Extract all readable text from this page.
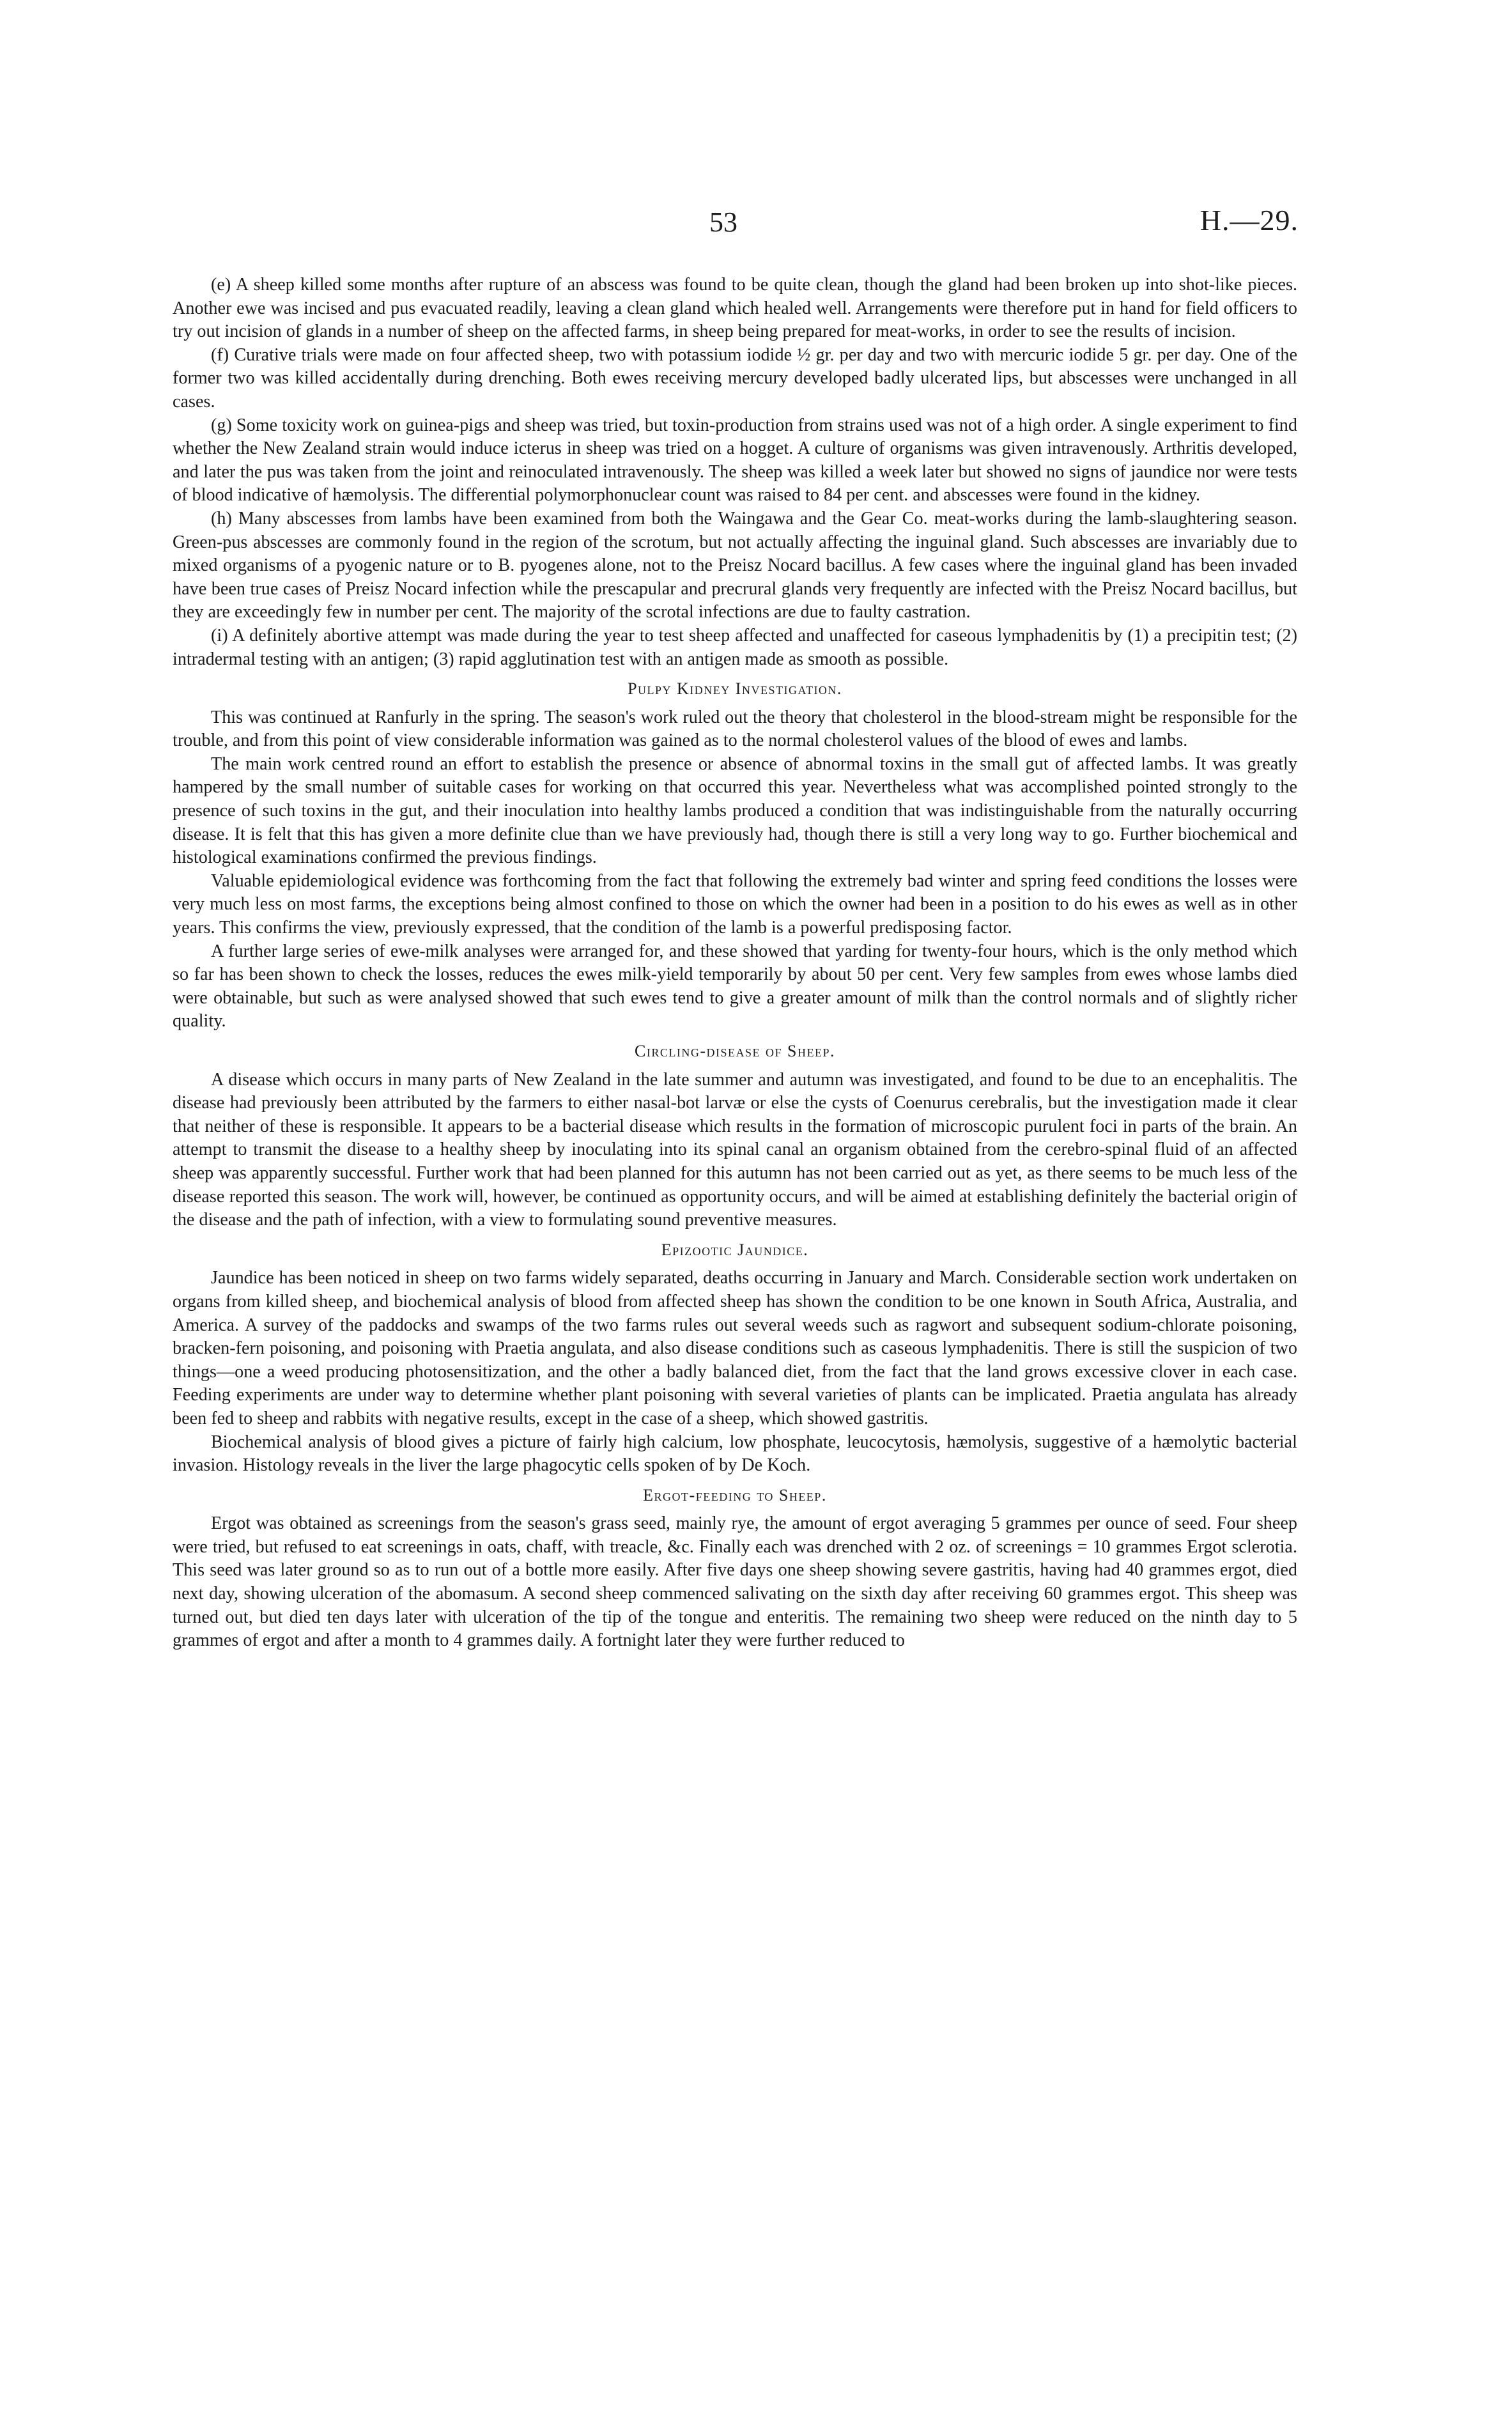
53	H.—29.

(e) A sheep killed some months after rupture of an abscess was found to be quite clean, though the gland had been broken up into shot-like pieces. Another ewe was incised and pus evacuated readily, leaving a clean gland which healed well. Arrangements were therefore put in hand for field officers to try out incision of glands in a number of sheep on the affected farms, in sheep being prepared for meat-works, in order to see the results of incision.

(f) Curative trials were made on four affected sheep, two with potassium iodide ½ gr. per day and two with mercuric iodide 5 gr. per day. One of the former two was killed accidentally during drenching. Both ewes receiving mercury developed badly ulcerated lips, but abscesses were unchanged in all cases.

(g) Some toxicity work on guinea-pigs and sheep was tried, but toxin-production from strains used was not of a high order. A single experiment to find whether the New Zealand strain would induce icterus in sheep was tried on a hogget. A culture of organisms was given intravenously. Arthritis developed, and later the pus was taken from the joint and reinoculated intravenously. The sheep was killed a week later but showed no signs of jaundice nor were tests of blood indicative of hæmolysis. The differential polymorphonuclear count was raised to 84 per cent. and abscesses were found in the kidney.

(h) Many abscesses from lambs have been examined from both the Waingawa and the Gear Co. meat-works during the lamb-slaughtering season. Green-pus abscesses are commonly found in the region of the scrotum, but not actually affecting the inguinal gland. Such abscesses are invariably due to mixed organisms of a pyogenic nature or to B. pyogenes alone, not to the Preisz Nocard bacillus. A few cases where the inguinal gland has been invaded have been true cases of Preisz Nocard infection while the prescapular and precrural glands very frequently are infected with the Preisz Nocard bacillus, but they are exceedingly few in number per cent. The majority of the scrotal infections are due to faulty castration.

(i) A definitely abortive attempt was made during the year to test sheep affected and unaffected for caseous lymphadenitis by (1) a precipitin test; (2) intradermal testing with an antigen; (3) rapid agglutination test with an antigen made as smooth as possible.

Pulpy Kidney Investigation.

This was continued at Ranfurly in the spring. The season's work ruled out the theory that cholesterol in the blood-stream might be responsible for the trouble, and from this point of view considerable information was gained as to the normal cholesterol values of the blood of ewes and lambs.

The main work centred round an effort to establish the presence or absence of abnormal toxins in the small gut of affected lambs. It was greatly hampered by the small number of suitable cases for working on that occurred this year. Nevertheless what was accomplished pointed strongly to the presence of such toxins in the gut, and their inoculation into healthy lambs produced a condition that was indistinguishable from the naturally occurring disease. It is felt that this has given a more definite clue than we have previously had, though there is still a very long way to go. Further biochemical and histological examinations confirmed the previous findings.

Valuable epidemiological evidence was forthcoming from the fact that following the extremely bad winter and spring feed conditions the losses were very much less on most farms, the exceptions being almost confined to those on which the owner had been in a position to do his ewes as well as in other years. This confirms the view, previously expressed, that the condition of the lamb is a powerful predisposing factor.

A further large series of ewe-milk analyses were arranged for, and these showed that yarding for twenty-four hours, which is the only method which so far has been shown to check the losses, reduces the ewes milk-yield temporarily by about 50 per cent. Very few samples from ewes whose lambs died were obtainable, but such as were analysed showed that such ewes tend to give a greater amount of milk than the control normals and of slightly richer quality.

Circling-disease of Sheep.

A disease which occurs in many parts of New Zealand in the late summer and autumn was investigated, and found to be due to an encephalitis. The disease had previously been attributed by the farmers to either nasal-bot larvæ or else the cysts of Coenurus cerebralis, but the investigation made it clear that neither of these is responsible. It appears to be a bacterial disease which results in the formation of microscopic purulent foci in parts of the brain. An attempt to transmit the disease to a healthy sheep by inoculating into its spinal canal an organism obtained from the cerebro-spinal fluid of an affected sheep was apparently successful. Further work that had been planned for this autumn has not been carried out as yet, as there seems to be much less of the disease reported this season. The work will, however, be continued as opportunity occurs, and will be aimed at establishing definitely the bacterial origin of the disease and the path of infection, with a view to formulating sound preventive measures.

Epizootic Jaundice.

Jaundice has been noticed in sheep on two farms widely separated, deaths occurring in January and March. Considerable section work undertaken on organs from killed sheep, and biochemical analysis of blood from affected sheep has shown the condition to be one known in South Africa, Australia, and America. A survey of the paddocks and swamps of the two farms rules out several weeds such as ragwort and subsequent sodium-chlorate poisoning, bracken-fern poisoning, and poisoning with Praetia angulata, and also disease conditions such as caseous lymphadenitis. There is still the suspicion of two things—one a weed producing photosensitization, and the other a badly balanced diet, from the fact that the land grows excessive clover in each case. Feeding experiments are under way to determine whether plant poisoning with several varieties of plants can be implicated. Praetia angulata has already been fed to sheep and rabbits with negative results, except in the case of a sheep, which showed gastritis.

Biochemical analysis of blood gives a picture of fairly high calcium, low phosphate, leucocytosis, hæmolysis, suggestive of a hæmolytic bacterial invasion. Histology reveals in the liver the large phagocytic cells spoken of by De Koch.

Ergot-feeding to Sheep.

Ergot was obtained as screenings from the season's grass seed, mainly rye, the amount of ergot averaging 5 grammes per ounce of seed. Four sheep were tried, but refused to eat screenings in oats, chaff, with treacle, &c. Finally each was drenched with 2 oz. of screenings = 10 grammes Ergot sclerotia. This seed was later ground so as to run out of a bottle more easily. After five days one sheep showing severe gastritis, having had 40 grammes ergot, died next day, showing ulceration of the abomasum. A second sheep commenced salivating on the sixth day after receiving 60 grammes ergot. This sheep was turned out, but died ten days later with ulceration of the tip of the tongue and enteritis. The remaining two sheep were reduced on the ninth day to 5 grammes of ergot and after a month to 4 grammes daily. A fortnight later they were further reduced to
